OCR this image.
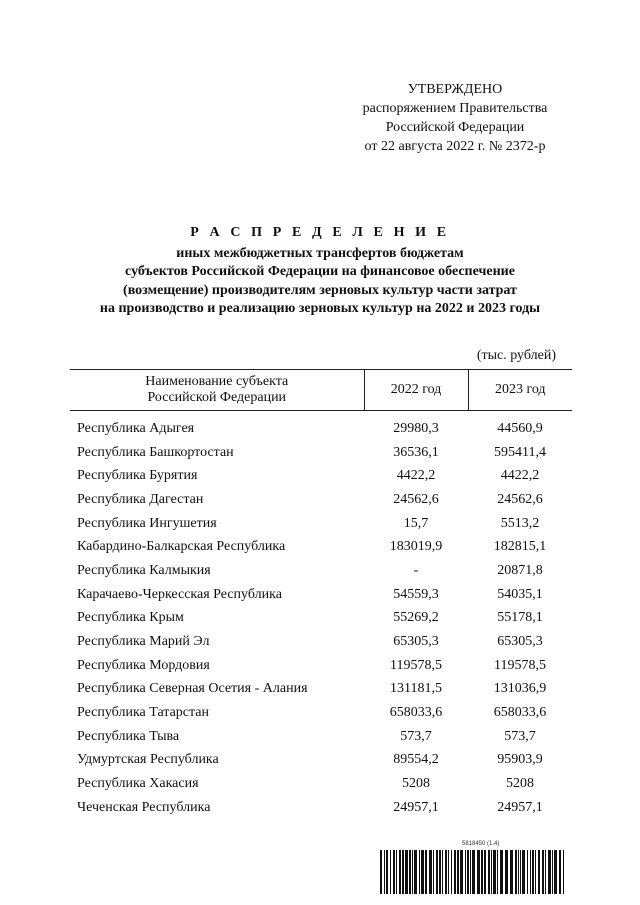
УТВЕРЖДЕНО
распоряжением Правительства
Российской Федерации
от 22 августа 2022 г. № 2372-р
Р А С П Р Е Д Е Л Е Н И Е
иных межбюджетных трансфертов бюджетам
субъектов Российской Федерации на финансовое обеспечение
(возмещение) производителям зерновых культур части затрат
на производство и реализацию зерновых культур на 2022 и 2023 годы
(тыс. рублей)
Наименование субъекта
Российской Федерации	2022 год	2023 год
Республика Адыгея	29980,3	44560,9
Республика Башкортостан	36536,1	595411,4
Республика Бурятия	4422,2	4422,2
Республика Дагестан	24562,6	24562,6
Республика Ингушетия	15,7	5513,2
Кабардино-Балкарская Республика	183019,9	182815,1
Республика Калмыкия	-	20871,8
Карачаево-Черкесская Республика	54559,3	54035,1
Республика Крым	55269,2	55178,1
Республика Марий Эл	65305,3	65305,3
Республика Мордовия	119578,5	119578,5
Республика Северная Осетия - Алания	131181,5	131036,9
Республика Татарстан	658033,6	658033,6
Республика Тыва	573,7	573,7
Удмуртская Республика	89554,2	95903,9
Республика Хакасия	5208	5208
Чеченская Республика	24957,1	24957,1
5818450 (1.4)
